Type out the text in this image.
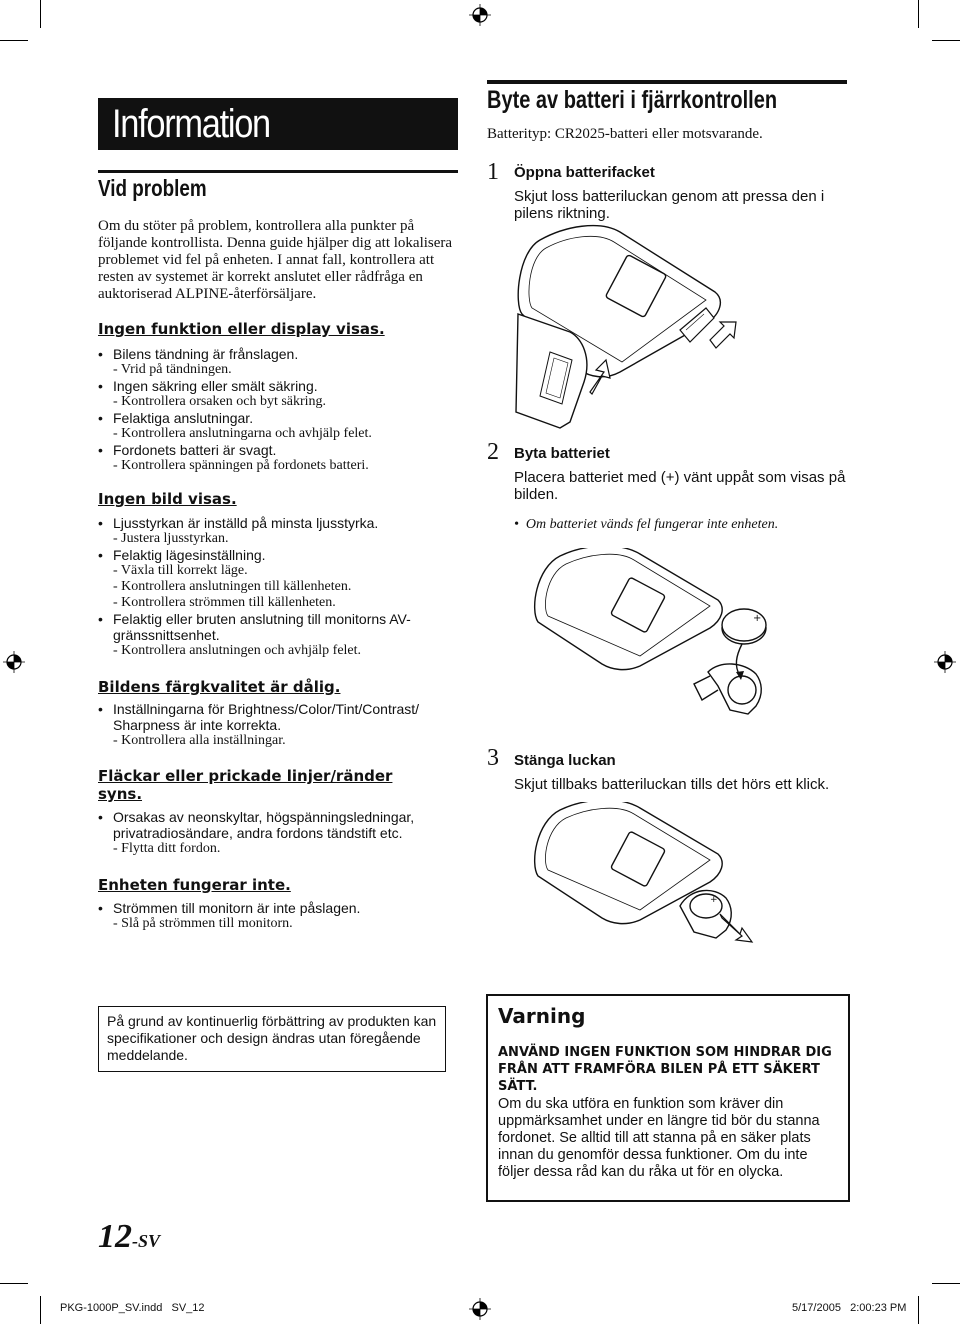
Information
Vid problem
Om du stöter på problem, kontrollera alla punkter på följande kontrollista. Denna guide hjälper dig att lokalisera problemet vid fel på enheten. I annat fall, kontrollera att resten av systemet är korrekt anslutet eller rådfråga en auktoriserad ALPINE-återförsäljare.
Ingen funktion eller display visas.
• Bilens tändning är frånslagen.
- Vrid på tändningen.
• Ingen säkring eller smält säkring.
- Kontrollera orsaken och byt säkring.
• Felaktiga anslutningar.
- Kontrollera anslutningarna och avhjälp felet.
• Fordonets batteri är svagt.
- Kontrollera spänningen på fordonets batteri.
Ingen bild visas.
• Ljusstyrkan är inställd på minsta ljusstyrka.
- Justera ljusstyrkan.
• Felaktig lägesinställning.
- Växla till korrekt läge.
- Kontrollera anslutningen till källenheten.
- Kontrollera strömmen till källenheten.
• Felaktig eller bruten anslutning till monitorns AV-
gränssnittsenhet.
- Kontrollera anslutningen och avhjälp felet.
Bildens färgkvalitet är dålig.
• Inställningarna för Brightness/Color/Tint/Contrast/
Sharpness är inte korrekta.
- Kontrollera alla inställningar.
Fläckar eller prickade linjer/ränder syns.
• Orsakas av neonskyltar, högspänningsledningar,
privatradiosändare, andra fordons tändstift etc.
- Flytta ditt fordon.
Enheten fungerar inte.
• Strömmen till monitorn är inte påslagen.
- Slå på strömmen till monitorn.
Byte av batteri i fjärrkontrollen
Batterityp: CR2025-batteri eller motsvarande.
1 Öppna batterifacket
Skjut loss batteriluckan genom att pressa den i pilens riktning.
2 Byta batteriet
Placera batteriet med (+) vänt uppåt som visas på bilden.
•  Om batteriet vänds fel fungerar inte enheten.
+
3 Stänga luckan
Skjut tillbaks batteriluckan tills det hörs ett klick.
+
På grund av kontinuerlig förbättring av produkten kan specifikationer och design ändras utan föregående meddelande.
Varning
ANVÄND INGEN FUNKTION SOM HINDRAR DIG FRÅN ATT FRAMFÖRA BILEN PÅ ETT SÄKERT SÄTT.
Om du ska utföra en funktion som kräver din uppmärksamhet under en längre tid bör du stanna fordonet. Se alltid till att stanna på en säker plats innan du genomför dessa funktioner. Om du inte följer dessa råd kan du råka ut för en olycka.
12-SV
PKG-1000P_SV.indd   SV_12	5/17/2005   2:00:23 PM
